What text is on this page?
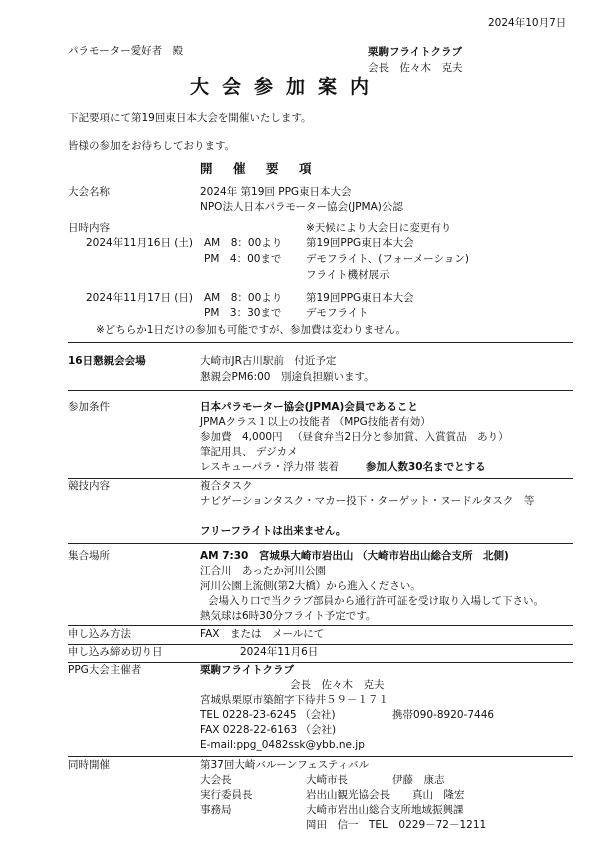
2024年10月7日
パラモーター愛好者　殿	栗駒フライトクラブ
会長　佐々木　克夫
大会参加案内
下記要項にて第19回東日本大会を開催いたします。
皆様の参加をお待ちしております。
開　催　要　項
大会名称	2024年 第19回 PPG東日本大会
NPO法人日本パラモーター協会(JPMA)公認
日時内容	※天候により大会日に変更有り
2024年11月16日 (土) AM　8：00より 第19回PPG東日本大会
PM　4：00まで デモフライト、(フォーメーション)
フライト機材展示
2024年11月17日 (日) AM　8：00より 第19回PPG東日本大会
PM　3：30まで デモフライト
※どちらか1日だけの参加も可能ですが、参加費は変わりません。
16日懇親会会場	大崎市JR古川駅前　付近予定
懇親会PM6:00　別途負担願います。
参加条件	日本パラモーター協会(JPMA)会員であること
JPMAクラス１以上の技能者 （MPG技能者有効）
参加費　4,000円 （昼食弁当2日分と参加賞、入賞賞品　あり）
筆記用具、 デジカメ
レスキューパラ・浮力帯 装着	参加人数30名までとする
競技内容	複合タスク
ナビゲーションタスク・マカー投下・ターゲット・ヌードルタスク　等
フリーフライトは出来ません。
集合場所	AM 7:30　宮城県大崎市岩出山 （大崎市岩出山総合支所　北側)
江合川　あったか河川公園
河川公園上流側(第2大橋）から進入ください。
会場入り口で当クラブ部員から通行許可証を受け取り入場して下さい。
熱気球は6時30分フライト予定です。
申し込み方法	FAX　または　メールにて
申し込み締め切り日	2024年11月6日
PPG大会主催者	栗駒フライトクラブ
会長　佐々木　克夫
宮城県栗原市築館字下待井５９－１７１
TEL 0228-23-6245 （会社)	携帯090-8920-7446
FAX 0228-22-6163 （会社)
E-mail:ppg_0482ssk@ybb.ne.jp
同時開催	第37回大崎バルーンフェスティバル
大会長	大崎市長	伊藤　康志
実行委員長	岩出山観光協会長 真山　隆宏
事務局	大崎市岩出山総合支所地域振興課
岡田　信一　TEL　0229－72－1211
